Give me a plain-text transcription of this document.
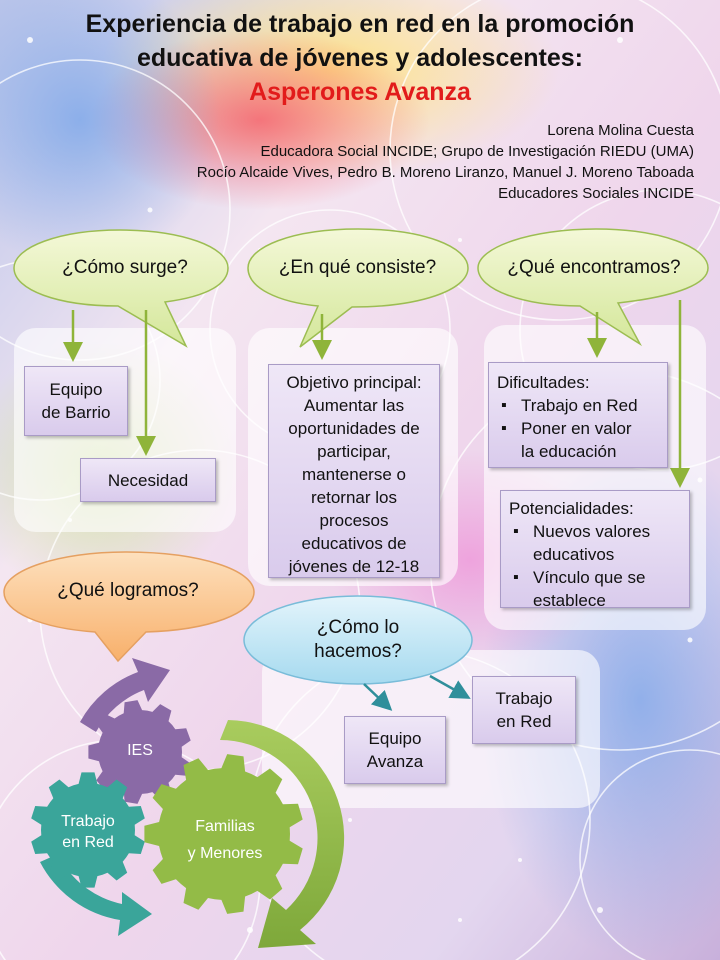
Experiencia de trabajo en red en la promoción
educativa de jóvenes y adolescentes:
Asperones Avanza
Lorena Molina Cuesta
Educadora Social INCIDE; Grupo de Investigación RIEDU (UMA)
Rocío Alcaide Vives, Pedro B. Moreno Liranzo, Manuel J. Moreno Taboada
Educadores Sociales INCIDE
¿Cómo surge?	¿En qué consiste?	¿Qué encontramos?
¿Qué logramos?
¿Cómo lo
hacemos?
Equipo
de Barrio
Necesidad
Objetivo principal:
Aumentar las
oportunidades de
participar,
mantenerse o
retornar los
procesos
educativos de
jóvenes de 12-18
Dificultades:
▪ Trabajo en Red
▪ Poner en valor
la educación
Potencialidades:
▪ Nuevos valores
educativos
▪ Vínculo que se
establece
Trabajo
en Red
Equipo
Avanza
IES
Trabajo
en Red
Familias
y Menores
